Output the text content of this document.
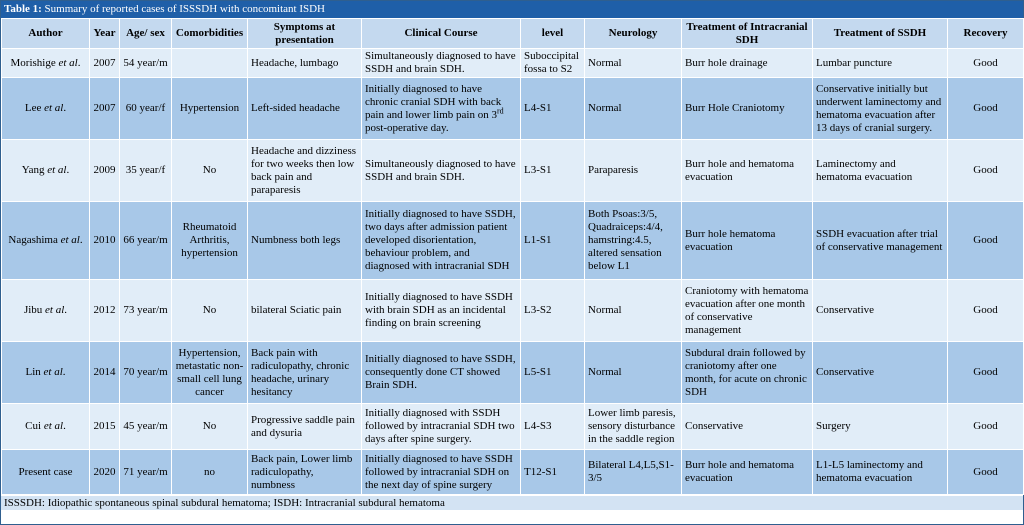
Table 1: Summary of reported cases of ISSSDH with concomitant ISDH
Author	Year	Age/ sex	Comorbidities	Symptoms at presentation	Clinical Course	level	Neurology	Treatment of Intracranial SDH	Treatment of SSDH	Recovery
Morishige et al.	2007	54 year/m		Headache, lumbago	Simultaneously diagnosed to have SSDH and brain SDH.	Suboccipital fossa to S2	Normal	Burr hole drainage	Lumbar puncture	Good
Lee et al.	2007	60 year/f	Hypertension	Left-sided headache	Initially diagnosed to have chronic cranial SDH with back pain and lower limb pain on 3rd post-operative day.	L4-S1	Normal	Burr Hole Craniotomy	Conservative initially but underwent laminectomy and hematoma evacuation after 13 days of cranial surgery.	Good
Yang et al.	2009	35 year/f	No	Headache and dizziness for two weeks then low back pain and paraparesis	Simultaneously diagnosed to have SSDH and brain SDH.	L3-S1	Paraparesis	Burr hole and hematoma evacuation	Laminectomy and hematoma evacuation	Good
Nagashima et al.	2010	66 year/m	Rheumatoid Arthritis, hypertension	Numbness both legs	Initially diagnosed to have SSDH, two days after admission patient developed disorientation, behaviour problem, and diagnosed with intracranial SDH	L1-S1	Both Psoas:3/5, Quadraiceps:4/4, hamstring:4.5, altered sensation below L1	Burr hole hematoma evacuation	SSDH evacuation after trial of conservative management	Good
Jibu et al.	2012	73 year/m	No	bilateral Sciatic pain	Initially diagnosed to have SSDH with brain SDH as an incidental finding on brain screening	L3-S2	Normal	Craniotomy with hematoma evacuation after one month of conservative management	Conservative	Good
Lin et al.	2014	70 year/m	Hypertension, metastatic non-small cell lung cancer	Back pain with radiculopathy, chronic headache, urinary hesitancy	Initially diagnosed to have SSDH, consequently done CT showed Brain SDH.	L5-S1	Normal	Subdural drain followed by craniotomy after one month, for acute on chronic SDH	Conservative	Good
Cui et al.	2015	45 year/m	No	Progressive saddle pain and dysuria	Initially diagnosed with SSDH followed by intracranial SDH two days after spine surgery.	L4-S3	Lower limb paresis, sensory disturbance in the saddle region	Conservative	Surgery	Good
Present case	2020	71 year/m	no	Back pain, Lower limb radiculopathy, numbness	Initially diagnosed to have SSDH followed by intracranial SDH on the next day of spine surgery	T12-S1	Bilateral L4,L5,S1-3/5	Burr hole and hematoma evacuation	L1-L5 laminectomy and hematoma evacuation	Good
ISSSDH: Idiopathic spontaneous spinal subdural hematoma; ISDH: Intracranial subdural hematoma
